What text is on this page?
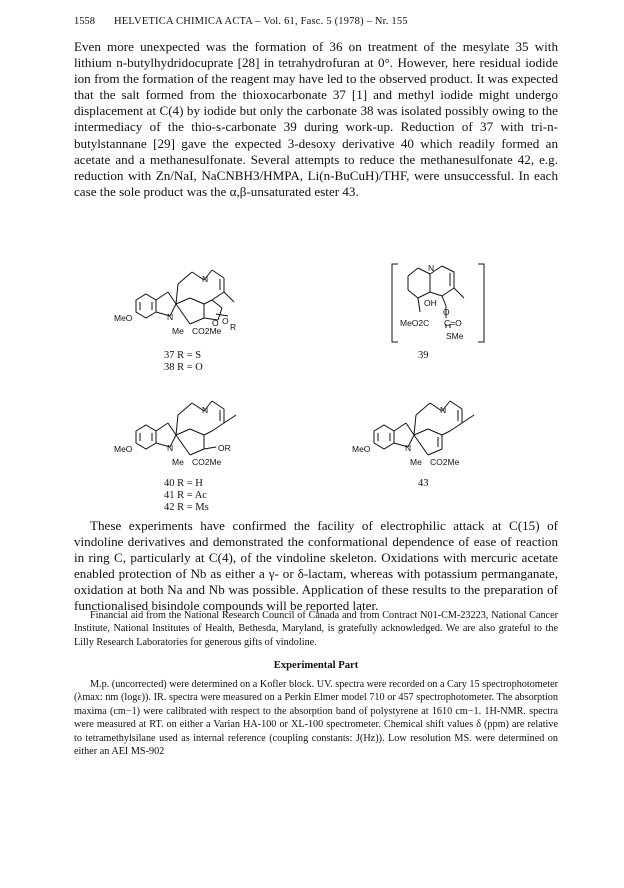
1558 HELVETICA CHIMICA ACTA – Vol. 61, Fasc. 5 (1978) – Nr. 155

Even more unexpected was the formation of 36 on treatment of the mesylate 35 with lithium n-butylhydridocuprate [28] in tetrahydrofuran at 0°. However, here residual iodide ion from the formation of the reagent may have led to the observed product. It was expected that the salt formed from the thioxocarbonate 37 [1] and methyl iodide might undergo displacement at C(4) by iodide but only the carbonate 38 was isolated possibly owing to the intermediacy of the thio-s-carbonate 39 during work-up. Reduction of 37 with tri-n-butylstannane [29] gave the expected 3-desoxy derivative 40 which readily formed an acetate and a methanesulfonate. Several attempts to reduce the methanesulfonate 42, e.g. reduction with Zn/NaI, NaCNBH3/HMPA, Li(n-BuCuH)/THF, were unsuccessful. In each case the sole product was the α,β-unsaturated ester 43.

MeO	N
N
Me CO2Me
O
O R
37 R = S
38 R = O
N
OH
O
MeO2C C=O
SMe
39
MeO	N
N
Me CO2Me
OR
40 R = H
41 R = Ac
42 R = Ms
MeO	N
N
Me CO2Me
43

These experiments have confirmed the facility of electrophilic attack at C(15) of vindoline derivatives and demonstrated the conformational dependence of ease of reaction in ring C, particularly at C(4), of the vindoline skeleton. Oxidations with mercuric acetate enabled protection of Nb as either a γ- or δ-lactam, whereas with potassium permanganate, oxidation at both Na and Nb was possible. Application of these results to the preparation of functionalised bisindole compounds will be reported later.

Financial aid from the National Research Council of Canada and from Contract N01-CM-23223, National Cancer Institute, National Institutes of Health, Bethesda, Maryland, is gratefully acknowledged. We are also grateful to the Lilly Research Laboratories for generous gifts of vindoline.

Experimental Part

M.p. (uncorrected) were determined on a Kofler block. UV. spectra were recorded on a Cary 15 spectrophotometer (λmax: nm (logε)). IR. spectra were measured on a Perkin Elmer model 710 or 457 spectrophotometer. The absorption maxima (cm−1) were calibrated with respect to the absorption band of polystyrene at 1610 cm−1. 1H-NMR. spectra were measured at RT. on either a Varian HA-100 or XL-100 spectrometer. Chemical shift values δ (ppm) are relative to tetramethylsilane used as internal reference (coupling constants: J(Hz)). Low resolution MS. were determined on either an AEI MS-902
